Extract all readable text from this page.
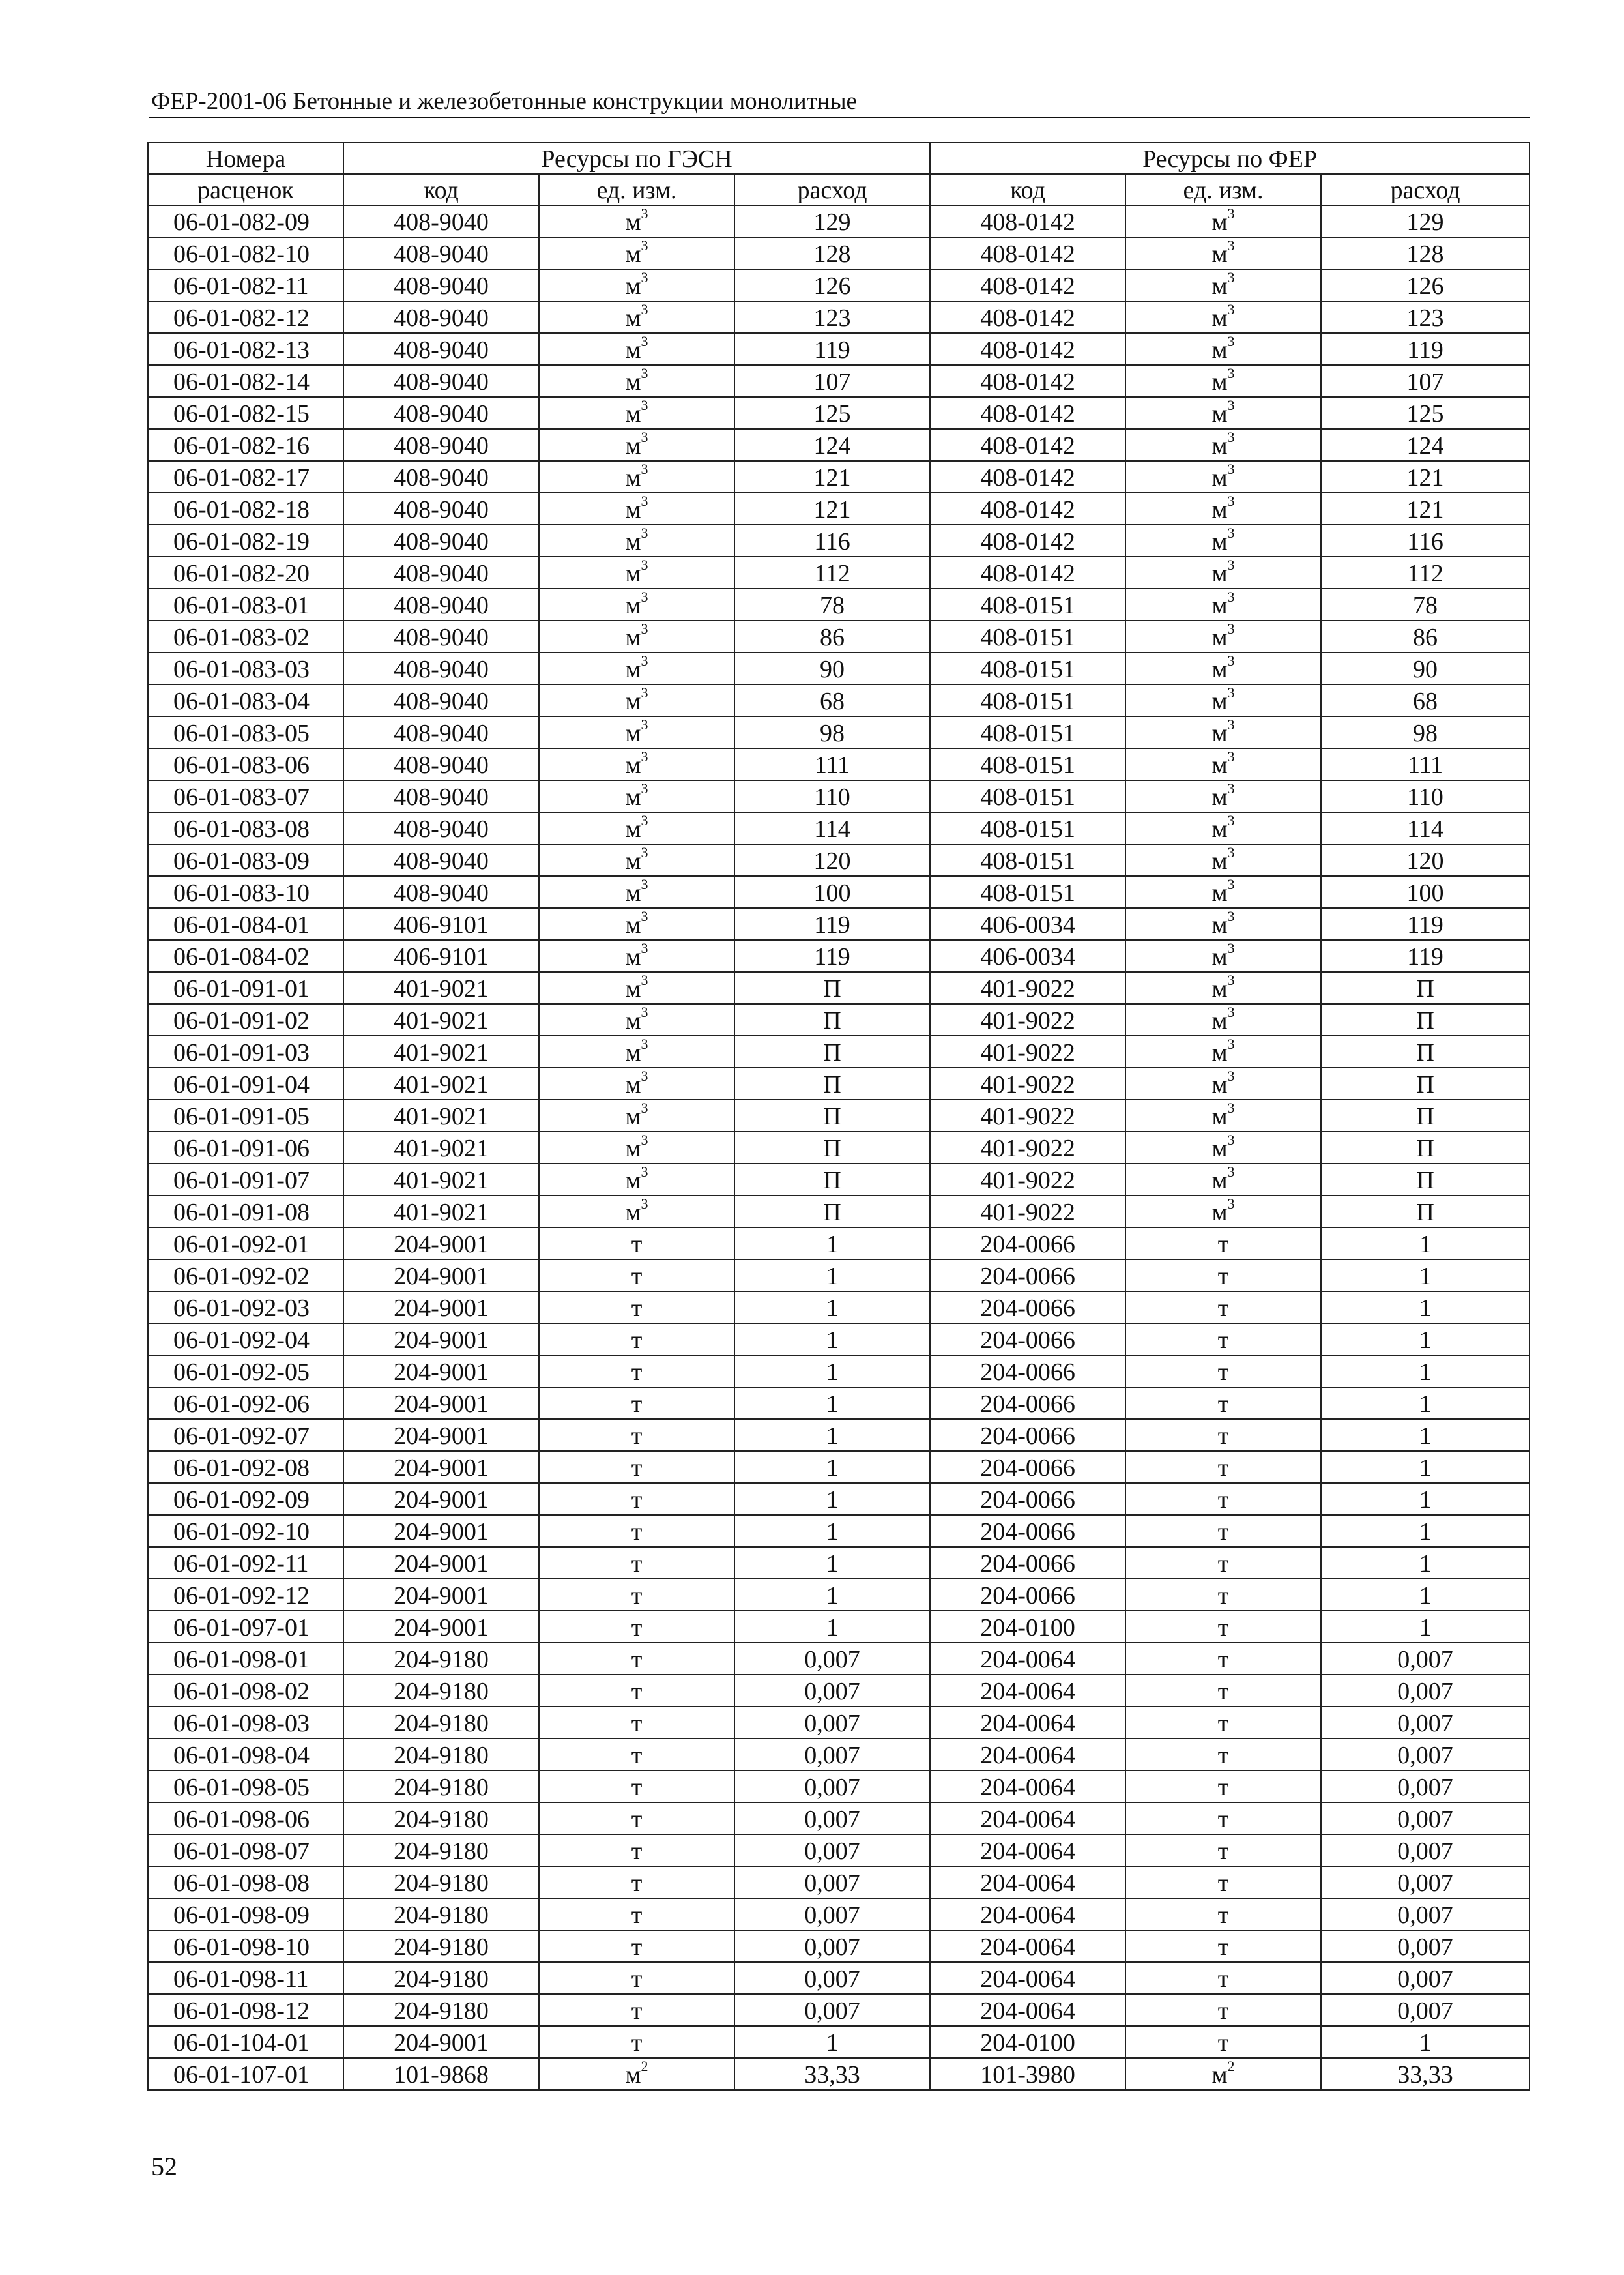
ФЕР-2001-06 Бетонные и железобетонные конструкции монолитные
Номера	Ресурсы по ГЭСН			Ресурсы по ФЕР		
расценок	код	ед. изм.	расход	код	ед. изм.	расход
06-01-082-09	408-9040	$м^3$	129	408-0142	$м^3$	129
06-01-082-10	408-9040	$м^3$	128	408-0142	$м^3$	128
06-01-082-11	408-9040	$м^3$	126	408-0142	$м^3$	126
06-01-082-12	408-9040	$м^3$	123	408-0142	$м^3$	123
06-01-082-13	408-9040	$м^3$	119	408-0142	$м^3$	119
06-01-082-14	408-9040	$м^3$	107	408-0142	$м^3$	107
06-01-082-15	408-9040	$м^3$	125	408-0142	$м^3$	125
06-01-082-16	408-9040	$м^3$	124	408-0142	$м^3$	124
06-01-082-17	408-9040	$м^3$	121	408-0142	$м^3$	121
06-01-082-18	408-9040	$м^3$	121	408-0142	$м^3$	121
06-01-082-19	408-9040	$м^3$	116	408-0142	$м^3$	116
06-01-082-20	408-9040	$м^3$	112	408-0142	$м^3$	112
06-01-083-01	408-9040	$м^3$	78	408-0151	$м^3$	78
06-01-083-02	408-9040	$м^3$	86	408-0151	$м^3$	86
06-01-083-03	408-9040	$м^3$	90	408-0151	$м^3$	90
06-01-083-04	408-9040	$м^3$	68	408-0151	$м^3$	68
06-01-083-05	408-9040	$м^3$	98	408-0151	$м^3$	98
06-01-083-06	408-9040	$м^3$	111	408-0151	$м^3$	111
06-01-083-07	408-9040	$м^3$	110	408-0151	$м^3$	110
06-01-083-08	408-9040	$м^3$	114	408-0151	$м^3$	114
06-01-083-09	408-9040	$м^3$	120	408-0151	$м^3$	120
06-01-083-10	408-9040	$м^3$	100	408-0151	$м^3$	100
06-01-084-01	406-9101	$м^3$	119	406-0034	$м^3$	119
06-01-084-02	406-9101	$м^3$	119	406-0034	$м^3$	119
06-01-091-01	401-9021	$м^3$	П	401-9022	$м^3$	П
06-01-091-02	401-9021	$м^3$	П	401-9022	$м^3$	П
06-01-091-03	401-9021	$м^3$	П	401-9022	$м^3$	П
06-01-091-04	401-9021	$м^3$	П	401-9022	$м^3$	П
06-01-091-05	401-9021	$м^3$	П	401-9022	$м^3$	П
06-01-091-06	401-9021	$м^3$	П	401-9022	$м^3$	П
06-01-091-07	401-9021	$м^3$	П	401-9022	$м^3$	П
06-01-091-08	401-9021	$м^3$	П	401-9022	$м^3$	П
06-01-092-01	204-9001	т	1	204-0066	т	1
06-01-092-02	204-9001	т	1	204-0066	т	1
06-01-092-03	204-9001	т	1	204-0066	т	1
06-01-092-04	204-9001	т	1	204-0066	т	1
06-01-092-05	204-9001	т	1	204-0066	т	1
06-01-092-06	204-9001	т	1	204-0066	т	1
06-01-092-07	204-9001	т	1	204-0066	т	1
06-01-092-08	204-9001	т	1	204-0066	т	1
06-01-092-09	204-9001	т	1	204-0066	т	1
06-01-092-10	204-9001	т	1	204-0066	т	1
06-01-092-11	204-9001	т	1	204-0066	т	1
06-01-092-12	204-9001	т	1	204-0066	т	1
06-01-097-01	204-9001	т	1	204-0100	т	1
06-01-098-01	204-9180	т	0,007	204-0064	т	0,007
06-01-098-02	204-9180	т	0,007	204-0064	т	0,007
06-01-098-03	204-9180	т	0,007	204-0064	т	0,007
06-01-098-04	204-9180	т	0,007	204-0064	т	0,007
06-01-098-05	204-9180	т	0,007	204-0064	т	0,007
06-01-098-06	204-9180	т	0,007	204-0064	т	0,007
06-01-098-07	204-9180	т	0,007	204-0064	т	0,007
06-01-098-08	204-9180	т	0,007	204-0064	т	0,007
06-01-098-09	204-9180	т	0,007	204-0064	т	0,007
06-01-098-10	204-9180	т	0,007	204-0064	т	0,007
06-01-098-11	204-9180	т	0,007	204-0064	т	0,007
06-01-098-12	204-9180	т	0,007	204-0064	т	0,007
06-01-104-01	204-9001	т	1	204-0100	т	1
06-01-107-01	101-9868	$м^2$	33,33	101-3980	$м^2$	33,33
52
